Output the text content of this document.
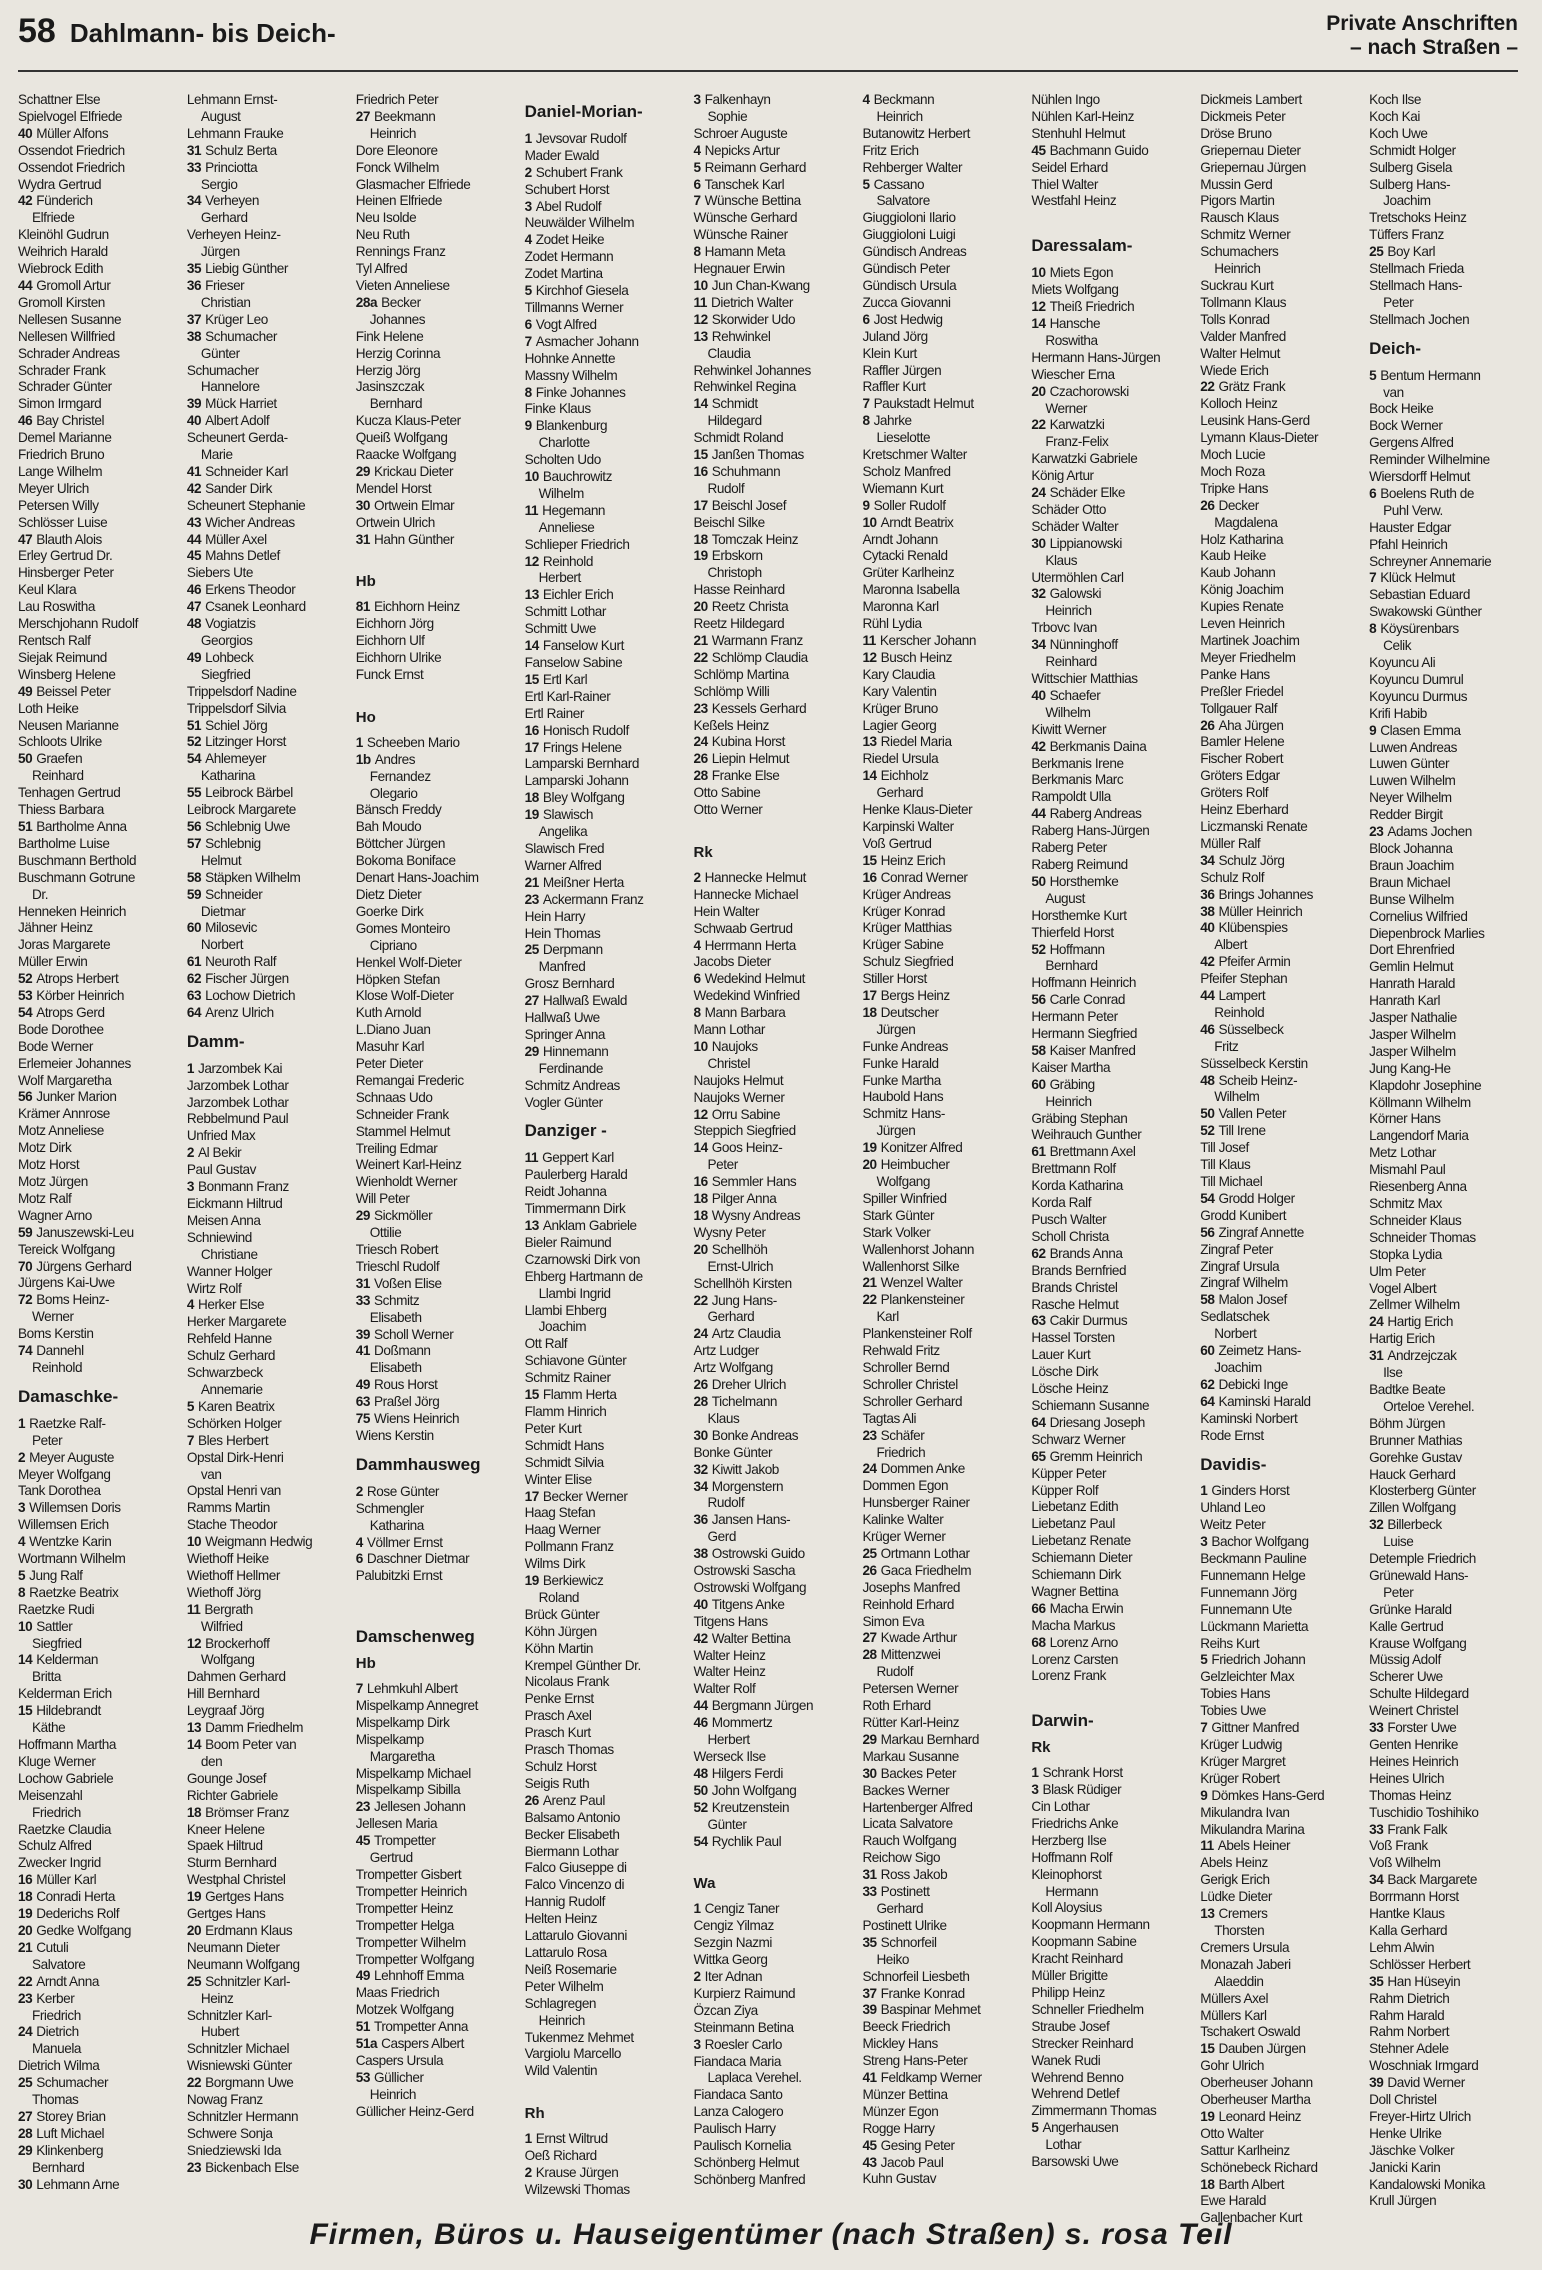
58 Dahlmann- bis Deich-	Private Anschriften
– nach Straßen –
Schattner Else
Spielvogel Elfriede
40 Müller Alfons
Ossendot Friedrich
Ossendot Friedrich
Wydra Gertrud
42 Fünderich
Elfriede
Kleinöhl Gudrun
Weihrich Harald
Wiebrock Edith
44 Gromoll Artur
Gromoll Kirsten
Nellesen Susanne
Nellesen Willfried
Schrader Andreas
Schrader Frank
Schrader Günter
Simon Irmgard
46 Bay Christel
Demel Marianne
Friedrich Bruno
Lange Wilhelm
Meyer Ulrich
Petersen Willy
Schlösser Luise
47 Blauth Alois
Erley Gertrud Dr.
Hinsberger Peter
Keul Klara
Lau Roswitha
Merschjohann Rudolf
Rentsch Ralf
Siejak Reimund
Winsberg Helene
49 Beissel Peter
Loth Heike
Neusen Marianne
Schloots Ulrike
50 Graefen
Reinhard
Tenhagen Gertrud
Thiess Barbara
51 Bartholme Anna
Bartholme Luise
Buschmann Berthold
Buschmann Gotrune
Dr.
Henneken Heinrich
Jähner Heinz
Joras Margarete
Müller Erwin
52 Atrops Herbert
53 Körber Heinrich
54 Atrops Gerd
Bode Dorothee
Bode Werner
Erlemeier Johannes
Wolf Margaretha
56 Junker Marion
Krämer Annrose
Motz Anneliese
Motz Dirk
Motz Horst
Motz Jürgen
Motz Ralf
Wagner Arno
59 Januszewski-Leu
Tereick Wolfgang
70 Jürgens Gerhard
Jürgens Kai-Uwe
72 Boms Heinz-
Werner
Boms Kerstin
74 Dannehl
Reinhold
Damaschke-
1 Raetzke Ralf-
Peter
2 Meyer Auguste
Meyer Wolfgang
Tank Dorothea
3 Willemsen Doris
Willemsen Erich
4 Wentzke Karin
Wortmann Wilhelm
5 Jung Ralf
8 Raetzke Beatrix
Raetzke Rudi
10 Sattler
Siegfried
14 Kelderman
Britta
Kelderman Erich
15 Hildebrandt
Käthe
Hoffmann Martha
Kluge Werner
Lochow Gabriele
Meisenzahl
Friedrich
Raetzke Claudia
Schulz Alfred
Zwecker Ingrid
16 Müller Karl
18 Conradi Herta
19 Dederichs Rolf
20 Gedke Wolfgang
21 Cutuli
Salvatore
22 Arndt Anna
23 Kerber
Friedrich
24 Dietrich
Manuela
Dietrich Wilma
25 Schumacher
Thomas
27 Storey Brian
28 Luft Michael
29 Klinkenberg
Bernhard
30 Lehmann Arne
Lehmann Ernst-
August
Lehmann Frauke
31 Schulz Berta
33 Princiotta
Sergio
34 Verheyen
Gerhard
Verheyen Heinz-
Jürgen
35 Liebig Günther
36 Frieser
Christian
37 Krüger Leo
38 Schumacher
Günter
Schumacher
Hannelore
39 Mück Harriet
40 Albert Adolf
Scheunert Gerda-
Marie
41 Schneider Karl
42 Sander Dirk
Scheunert Stephanie
43 Wicher Andreas
44 Müller Axel
45 Mahns Detlef
Siebers Ute
46 Erkens Theodor
47 Csanek Leonhard
48 Vogiatzis
Georgios
49 Lohbeck
Siegfried
Trippelsdorf Nadine
Trippelsdorf Silvia
51 Schiel Jörg
52 Litzinger Horst
54 Ahlemeyer
Katharina
55 Leibrock Bärbel
Leibrock Margarete
56 Schlebnig Uwe
57 Schlebnig
Helmut
58 Stäpken Wilhelm
59 Schneider
Dietmar
60 Milosevic
Norbert
61 Neuroth Ralf
62 Fischer Jürgen
63 Lochow Dietrich
64 Arenz Ulrich
Damm-
1 Jarzombek Kai
Jarzombek Lothar
Jarzombek Lothar
Rebbelmund Paul
Unfried Max
2 Al Bekir
Paul Gustav
3 Bonmann Franz
Eickmann Hiltrud
Meisen Anna
Schniewind
Christiane
Wanner Holger
Wirtz Rolf
4 Herker Else
Herker Margarete
Rehfeld Hanne
Schulz Gerhard
Schwarzbeck
Annemarie
5 Karen Beatrix
Schörken Holger
7 Bles Herbert
Opstal Dirk-Henri
van
Opstal Henri van
Ramms Martin
Stache Theodor
10 Weigmann Hedwig
Wiethoff Heike
Wiethoff Hellmer
Wiethoff Jörg
11 Bergrath
Wilfried
12 Brockerhoff
Wolfgang
Dahmen Gerhard
Hill Bernhard
Leygraaf Jörg
13 Damm Friedhelm
14 Boom Peter van
den
Gounge Josef
Richter Gabriele
18 Brömser Franz
Kneer Helene
Spaek Hiltrud
Sturm Bernhard
Westphal Christel
19 Gertges Hans
Gertges Hans
20 Erdmann Klaus
Neumann Dieter
Neumann Wolfgang
25 Schnitzler Karl-
Heinz
Schnitzler Karl-
Hubert
Schnitzler Michael
Wisniewski Günter
22 Borgmann Uwe
Nowag Franz
Schnitzler Hermann
Schwere Sonja
Sniedziewski Ida
23 Bickenbach Else
Friedrich Peter
27 Beekmann
Heinrich
Dore Eleonore
Fonck Wilhelm
Glasmacher Elfriede
Heinen Elfriede
Neu Isolde
Neu Ruth
Rennings Franz
Tyl Alfred
Vieten Anneliese
28a Becker
Johannes
Fink Helene
Herzig Corinna
Herzig Jörg
Jasinszczak
Bernhard
Kucza Klaus-Peter
Queiß Wolfgang
Raacke Wolfgang
29 Krickau Dieter
Mendel Horst
30 Ortwein Elmar
Ortwein Ulrich
31 Hahn Günther
Hb
81 Eichhorn Heinz
Eichhorn Jörg
Eichhorn Ulf
Eichhorn Ulrike
Funck Ernst
Ho
1 Scheeben Mario
1b Andres
Fernandez
Olegario
Bänsch Freddy
Bah Moudo
Böttcher Jürgen
Bokoma Boniface
Denart Hans-Joachim
Dietz Dieter
Goerke Dirk
Gomes Monteiro
Cipriano
Henkel Wolf-Dieter
Höpken Stefan
Klose Wolf-Dieter
Kuth Arnold
L.Diano Juan
Masuhr Karl
Peter Dieter
Remangai Frederic
Schnaas Udo
Schneider Frank
Stammel Helmut
Treiling Edmar
Weinert Karl-Heinz
Wienholdt Werner
Will Peter
29 Sickmöller
Ottilie
Triesch Robert
Trieschl Rudolf
31 Voßen Elise
33 Schmitz
Elisabeth
39 Scholl Werner
41 Doßmann
Elisabeth
49 Rous Horst
63 Praßel Jörg
75 Wiens Heinrich
Wiens Kerstin
Dammhausweg
2 Rose Günter
Schmengler
Katharina
4 Völlmer Ernst
6 Daschner Dietmar
Palubitzki Ernst
Damschenweg
Hb
7 Lehmkuhl Albert
Mispelkamp Annegret
Mispelkamp Dirk
Mispelkamp
Margaretha
Mispelkamp Michael
Mispelkamp Sibilla
23 Jellesen Johann
Jellesen Maria
45 Trompetter
Gertrud
Trompetter Gisbert
Trompetter Heinrich
Trompetter Heinz
Trompetter Helga
Trompetter Wilhelm
Trompetter Wolfgang
49 Lehnhoff Emma
Maas Friedrich
Motzek Wolfgang
51 Trompetter Anna
51a Caspers Albert
Caspers Ursula
53 Güllicher
Heinrich
Güllicher Heinz-Gerd
Daniel-Morian-
1 Jevsovar Rudolf
Mader Ewald
2 Schubert Frank
Schubert Horst
3 Abel Rudolf
Neuwälder Wilhelm
4 Zodet Heike
Zodet Hermann
Zodet Martina
5 Kirchhof Giesela
Tillmanns Werner
6 Vogt Alfred
7 Asmacher Johann
Hohnke Annette
Massny Wilhelm
8 Finke Johannes
Finke Klaus
9 Blankenburg
Charlotte
Scholten Udo
10 Bauchrowitz
Wilhelm
11 Hegemann
Anneliese
Schlieper Friedrich
12 Reinhold
Herbert
13 Eichler Erich
Schmitt Lothar
Schmitt Uwe
14 Fanselow Kurt
Fanselow Sabine
15 Ertl Karl
Ertl Karl-Rainer
Ertl Rainer
16 Honisch Rudolf
17 Frings Helene
Lamparski Bernhard
Lamparski Johann
18 Bley Wolfgang
19 Slawisch
Angelika
Slawisch Fred
Warner Alfred
21 Meißner Herta
23 Ackermann Franz
Hein Harry
Hein Thomas
25 Derpmann
Manfred
Grosz Bernhard
27 Hallwaß Ewald
Hallwaß Uwe
Springer Anna
29 Hinnemann
Ferdinande
Schmitz Andreas
Vogler Günter
Danziger -
11 Geppert Karl
Paulerberg Harald
Reidt Johanna
Timmermann Dirk
13 Anklam Gabriele
Bieler Raimund
Czarnowski Dirk von
Ehberg Hartmann de
Llambi Ingrid
Llambi Ehberg
Joachim
Ott Ralf
Schiavone Günter
Schmitz Rainer
15 Flamm Herta
Flamm Hinrich
Peter Kurt
Schmidt Hans
Schmidt Silvia
Winter Elise
17 Becker Werner
Haag Stefan
Haag Werner
Pollmann Franz
Wilms Dirk
19 Berkiewicz
Roland
Brück Günter
Köhn Jürgen
Köhn Martin
Krempel Günther Dr.
Nicolaus Frank
Penke Ernst
Prasch Axel
Prasch Kurt
Prasch Thomas
Schulz Horst
Seigis Ruth
26 Arenz Paul
Balsamo Antonio
Becker Elisabeth
Biermann Lothar
Falco Giuseppe di
Falco Vincenzo di
Hannig Rudolf
Helten Heinz
Lattarulo Giovanni
Lattarulo Rosa
Neiß Rosemarie
Peter Wilhelm
Schlagregen
Heinrich
Tukenmez Mehmet
Vargiolu Marcello
Wild Valentin
Rh
1 Ernst Wiltrud
Oeß Richard
2 Krause Jürgen
Wilzewski Thomas
3 Falkenhayn
Sophie
Schroer Auguste
4 Nepicks Artur
5 Reimann Gerhard
6 Tanschek Karl
7 Wünsche Bettina
Wünsche Gerhard
Wünsche Rainer
8 Hamann Meta
Hegnauer Erwin
10 Jun Chan-Kwang
11 Dietrich Walter
12 Skorwider Udo
13 Rehwinkel
Claudia
Rehwinkel Johannes
Rehwinkel Regina
14 Schmidt
Hildegard
Schmidt Roland
15 Janßen Thomas
16 Schuhmann
Rudolf
17 Beischl Josef
Beischl Silke
18 Tomczak Heinz
19 Erbskorn
Christoph
Hasse Reinhard
20 Reetz Christa
Reetz Hildegard
21 Warmann Franz
22 Schlömp Claudia
Schlömp Martina
Schlömp Willi
23 Kessels Gerhard
Keßels Heinz
24 Kubina Horst
26 Liepin Helmut
28 Franke Else
Otto Sabine
Otto Werner
Rk
2 Hannecke Helmut
Hannecke Michael
Hein Walter
Schwaab Gertrud
4 Herrmann Herta
Jacobs Dieter
6 Wedekind Helmut
Wedekind Winfried
8 Mann Barbara
Mann Lothar
10 Naujoks
Christel
Naujoks Helmut
Naujoks Werner
12 Orru Sabine
Steppich Siegfried
14 Goos Heinz-
Peter
16 Semmler Hans
18 Pilger Anna
18 Wysny Andreas
Wysny Peter
20 Schellhöh
Ernst-Ulrich
Schellhöh Kirsten
22 Jung Hans-
Gerhard
24 Artz Claudia
Artz Ludger
Artz Wolfgang
26 Dreher Ulrich
28 Tichelmann
Klaus
30 Bonke Andreas
Bonke Günter
32 Kiwitt Jakob
34 Morgenstern
Rudolf
36 Jansen Hans-
Gerd
38 Ostrowski Guido
Ostrowski Sascha
Ostrowski Wolfgang
40 Titgens Anke
Titgens Hans
42 Walter Bettina
Walter Heinz
Walter Heinz
Walter Rolf
44 Bergmann Jürgen
46 Mommertz
Herbert
Werseck Ilse
48 Hilgers Ferdi
50 John Wolfgang
52 Kreutzenstein
Günter
54 Rychlik Paul
Wa
1 Cengiz Taner
Cengiz Yilmaz
Sezgin Nazmi
Wittka Georg
2 Iter Adnan
Kurpierz Raimund
Özcan Ziya
Steinmann Betina
3 Roesler Carlo
Fiandaca Maria
Laplaca Verehel.
Fiandaca Santo
Lanza Calogero
Paulisch Harry
Paulisch Kornelia
Schönberg Helmut
Schönberg Manfred
4 Beckmann
Heinrich
Butanowitz Herbert
Fritz Erich
Rehberger Walter
5 Cassano
Salvatore
Giuggioloni Ilario
Giuggioloni Luigi
Gündisch Andreas
Gündisch Peter
Gündisch Ursula
Zucca Giovanni
6 Jost Hedwig
Juland Jörg
Klein Kurt
Raffler Jürgen
Raffler Kurt
7 Paukstadt Helmut
8 Jahrke
Lieselotte
Kretschmer Walter
Scholz Manfred
Wiemann Kurt
9 Soller Rudolf
10 Arndt Beatrix
Arndt Johann
Cytacki Renald
Grüter Karlheinz
Maronna Isabella
Maronna Karl
Rühl Lydia
11 Kerscher Johann
12 Busch Heinz
Kary Claudia
Kary Valentin
Krüger Bruno
Lagier Georg
13 Riedel Maria
Riedel Ursula
14 Eichholz
Gerhard
Henke Klaus-Dieter
Karpinski Walter
Voß Gertrud
15 Heinz Erich
16 Conrad Werner
Krüger Andreas
Krüger Konrad
Krüger Matthias
Krüger Sabine
Schulz Siegfried
Stiller Horst
17 Bergs Heinz
18 Deutscher
Jürgen
Funke Andreas
Funke Harald
Funke Martha
Haubold Hans
Schmitz Hans-
Jürgen
19 Konitzer Alfred
20 Heimbucher
Wolfgang
Spiller Winfried
Stark Günter
Stark Volker
Wallenhorst Johann
Wallenhorst Silke
21 Wenzel Walter
22 Plankensteiner
Karl
Plankensteiner Rolf
Rehwald Fritz
Schroller Bernd
Schroller Christel
Schroller Gerhard
Tagtas Ali
23 Schäfer
Friedrich
24 Dommen Anke
Dommen Egon
Hunsberger Rainer
Kalinke Walter
Krüger Werner
25 Ortmann Lothar
26 Gaca Friedhelm
Josephs Manfred
Reinhold Erhard
Simon Eva
27 Kwade Arthur
28 Mittenzwei
Rudolf
Petersen Werner
Roth Erhard
Rütter Karl-Heinz
29 Markau Bernhard
Markau Susanne
30 Backes Peter
Backes Werner
Hartenberger Alfred
Licata Salvatore
Rauch Wolfgang
Reichow Sigo
31 Ross Jakob
33 Postinett
Gerhard
Postinett Ulrike
35 Schnorfeil
Heiko
Schnorfeil Liesbeth
37 Franke Konrad
39 Baspinar Mehmet
Beeck Friedrich
Mickley Hans
Streng Hans-Peter
41 Feldkamp Werner
Münzer Bettina
Münzer Egon
Rogge Harry
45 Gesing Peter
43 Jacob Paul
Kuhn Gustav
Nühlen Ingo
Nühlen Karl-Heinz
Stenhuhl Helmut
45 Bachmann Guido
Seidel Erhard
Thiel Walter
Westfahl Heinz
Daressalam-
10 Miets Egon
Miets Wolfgang
12 Theiß Friedrich
14 Hansche
Roswitha
Hermann Hans-Jürgen
Wiescher Erna
20 Czachorowski
Werner
22 Karwatzki
Franz-Felix
Karwatzki Gabriele
König Artur
24 Schäder Elke
Schäder Otto
Schäder Walter
30 Lippianowski
Klaus
Utermöhlen Carl
32 Galowski
Heinrich
Trbovc Ivan
34 Nünninghoff
Reinhard
Wittschier Matthias
40 Schaefer
Wilhelm
Kiwitt Werner
42 Berkmanis Daina
Berkmanis Irene
Berkmanis Marc
Rampoldt Ulla
44 Raberg Andreas
Raberg Hans-Jürgen
Raberg Peter
Raberg Reimund
50 Horsthemke
August
Horsthemke Kurt
Thierfeld Horst
52 Hoffmann
Bernhard
Hoffmann Heinrich
56 Carle Conrad
Hermann Peter
Hermann Siegfried
58 Kaiser Manfred
Kaiser Martha
60 Gräbing
Heinrich
Gräbing Stephan
Weihrauch Gunther
61 Brettmann Axel
Brettmann Rolf
Korda Katharina
Korda Ralf
Pusch Walter
Scholl Christa
62 Brands Anna
Brands Bernfried
Brands Christel
Rasche Helmut
63 Cakir Durmus
Hassel Torsten
Lauer Kurt
Lösche Dirk
Lösche Heinz
Schiemann Susanne
64 Driesang Joseph
Schwarz Werner
65 Gremm Heinrich
Küpper Peter
Küpper Rolf
Liebetanz Edith
Liebetanz Paul
Liebetanz Renate
Schiemann Dieter
Schiemann Dirk
Wagner Bettina
66 Macha Erwin
Macha Markus
68 Lorenz Arno
Lorenz Carsten
Lorenz Frank
Darwin-
Rk
1 Schrank Horst
3 Blask Rüdiger
Cin Lothar
Friedrichs Anke
Herzberg Ilse
Hoffmann Rolf
Kleinophorst
Hermann
Koll Aloysius
Koopmann Hermann
Koopmann Sabine
Kracht Reinhard
Müller Brigitte
Philipp Heinz
Schneller Friedhelm
Straube Josef
Strecker Reinhard
Wanek Rudi
Wehrend Benno
Wehrend Detlef
Zimmermann Thomas
5 Angerhausen
Lothar
Barsowski Uwe
Dickmeis Lambert
Dickmeis Peter
Dröse Bruno
Griepernau Dieter
Griepernau Jürgen
Mussin Gerd
Pigors Martin
Rausch Klaus
Schmitz Werner
Schumachers
Heinrich
Suckrau Kurt
Tollmann Klaus
Tolls Konrad
Valder Manfred
Walter Helmut
Wiede Erich
22 Grätz Frank
Kolloch Heinz
Leusink Hans-Gerd
Lymann Klaus-Dieter
Moch Lucie
Moch Roza
Tripke Hans
26 Decker
Magdalena
Holz Katharina
Kaub Heike
Kaub Johann
König Joachim
Kupies Renate
Leven Heinrich
Martinek Joachim
Meyer Friedhelm
Panke Hans
Preßler Friedel
Tollgauer Ralf
26 Aha Jürgen
Bamler Helene
Fischer Robert
Gröters Edgar
Gröters Rolf
Heinz Eberhard
Liczmanski Renate
Müller Ralf
34 Schulz Jörg
Schulz Rolf
36 Brings Johannes
38 Müller Heinrich
40 Klübenspies
Albert
42 Pfeifer Armin
Pfeifer Stephan
44 Lampert
Reinhold
46 Süsselbeck
Fritz
Süsselbeck Kerstin
48 Scheib Heinz-
Wilhelm
50 Vallen Peter
52 Till Irene
Till Josef
Till Klaus
Till Michael
54 Grodd Holger
Grodd Kunibert
56 Zingraf Annette
Zingraf Peter
Zingraf Ursula
Zingraf Wilhelm
58 Malon Josef
Sedlatschek
Norbert
60 Zeimetz Hans-
Joachim
62 Debicki Inge
64 Kaminski Harald
Kaminski Norbert
Rode Ernst
Davidis-
1 Ginders Horst
Uhland Leo
Weitz Peter
3 Bachor Wolfgang
Beckmann Pauline
Funnemann Helge
Funnemann Jörg
Funnemann Ute
Lückmann Marietta
Reihs Kurt
5 Friedrich Johann
Gelzleichter Max
Tobies Hans
Tobies Uwe
7 Gittner Manfred
Krüger Ludwig
Krüger Margret
Krüger Robert
9 Dömkes Hans-Gerd
Mikulandra Ivan
Mikulandra Marina
11 Abels Heiner
Abels Heinz
Gerigk Erich
Lüdke Dieter
13 Cremers
Thorsten
Cremers Ursula
Monazah Jaberi
Alaeddin
Müllers Axel
Müllers Karl
Tschakert Oswald
15 Dauben Jürgen
Gohr Ulrich
Oberheuser Johann
Oberheuser Martha
19 Leonard Heinz
Otto Walter
Sattur Karlheinz
Schönebeck Richard
18 Barth Albert
Ewe Harald
Gallenbacher Kurt
Koch Ilse
Koch Kai
Koch Uwe
Schmidt Holger
Sulberg Gisela
Sulberg Hans-
Joachim
Tretschoks Heinz
Tüffers Franz
25 Boy Karl
Stellmach Frieda
Stellmach Hans-
Peter
Stellmach Jochen
Deich-
5 Bentum Hermann
van
Bock Heike
Bock Werner
Gergens Alfred
Reminder Wilhelmine
Wiersdorff Helmut
6 Boelens Ruth de
Puhl Verw.
Hauster Edgar
Pfahl Heinrich
Schreyner Annemarie
7 Klück Helmut
Sebastian Eduard
Swakowski Günther
8 Köysürenbars
Celik
Koyuncu Ali
Koyuncu Dumrul
Koyuncu Durmus
Krifi Habib
9 Clasen Emma
Luwen Andreas
Luwen Günter
Luwen Wilhelm
Neyer Wilhelm
Redder Birgit
23 Adams Jochen
Block Johanna
Braun Joachim
Braun Michael
Bunse Wilhelm
Cornelius Wilfried
Diepenbrock Marlies
Dort Ehrenfried
Gemlin Helmut
Hanrath Harald
Hanrath Karl
Jasper Nathalie
Jasper Wilhelm
Jasper Wilhelm
Jung Kang-He
Klapdohr Josephine
Köllmann Wilhelm
Körner Hans
Langendorf Maria
Metz Lothar
Mismahl Paul
Riesenberg Anna
Schmitz Max
Schneider Klaus
Schneider Thomas
Stopka Lydia
Ulm Peter
Vogel Albert
Zellmer Wilhelm
24 Hartig Erich
Hartig Erich
31 Andrzejczak
Ilse
Badtke Beate
Orteloe Verehel.
Böhm Jürgen
Brunner Mathias
Gorehke Gustav
Hauck Gerhard
Klosterberg Günter
Zillen Wolfgang
32 Billerbeck
Luise
Detemple Friedrich
Grünewald Hans-
Peter
Grünke Harald
Kalle Gertrud
Krause Wolfgang
Müssig Adolf
Scherer Uwe
Schulte Hildegard
Weinert Christel
33 Forster Uwe
Genten Henrike
Heines Heinrich
Heines Ulrich
Thomas Heinz
Tuschidio Toshihiko
33 Frank Falk
Voß Frank
Voß Wilhelm
34 Back Margarete
Borrmann Horst
Hantke Klaus
Kalla Gerhard
Lehm Alwin
Schlösser Herbert
35 Han Hüseyin
Rahm Dietrich
Rahm Harald
Rahm Norbert
Stehner Adele
Woschniak Irmgard
39 David Werner
Doll Christel
Freyer-Hirtz Ulrich
Henke Ulrike
Jäschke Volker
Janicki Karin
Kandalowski Monika
Krull Jürgen
Firmen, Büros u. Hauseigentümer (nach Straßen) s. rosa Teil
